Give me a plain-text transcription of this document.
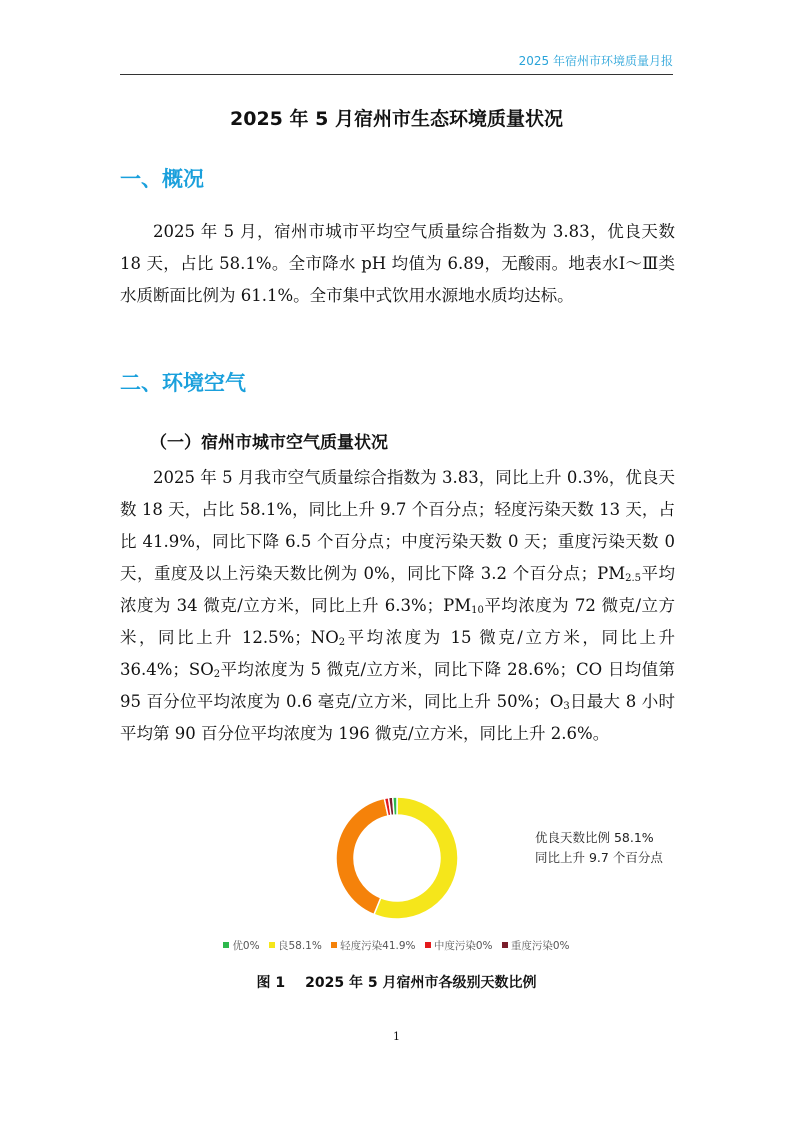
2025 年宿州市环境质量月报
2025 年 5 月宿州市生态环境质量状况
一、概况

2025 年 5 月，宿州市城市平均空气质量综合指数为 3.83，优良天数 18 天，占比 58.1%。全市降水 pH 均值为 6.89，无酸雨。地表水Ⅰ～Ⅲ类水质断面比例为 61.1%。全市集中式饮用水源地水质均达标。

二、环境空气
（一）宿州市城市空气质量状况

2025 年 5 月我市空气质量综合指数为 3.83，同比上升 0.3%，优良天数 18 天，占比 58.1%，同比上升 9.7 个百分点；轻度污染天数 13 天，占比 41.9%，同比下降 6.5 个百分点；中度污染天数 0 天；重度污染天数 0 天，重度及以上污染天数比例为 0%，同比下降 3.2 个百分点；$PM_{2.5}$平均浓度为 34 微克/立方米，同比上升 6.3%；$PM_{10}$平均浓度为 72 微克/立方米，同比上升 12.5%；$NO_2$平均浓度为 15 微克/立方米，同比上升 36.4%；$SO_2$平均浓度为 5 微克/立方米，同比下降 28.6%；CO 日均值第 95 百分位平均浓度为 0.6 毫克/立方米，同比上升 50%；$O_3$日最大 8 小时平均第 90 百分位平均浓度为 196 微克/立方米，同比上升 2.6%。

优良天数比例 58.1%
同比上升 9.7 个百分点
优0% 良58.1% 轻度污染41.9% 中度污染0% 重度污染0%
图 1 2025 年 5 月宿州市各级别天数比例
1
